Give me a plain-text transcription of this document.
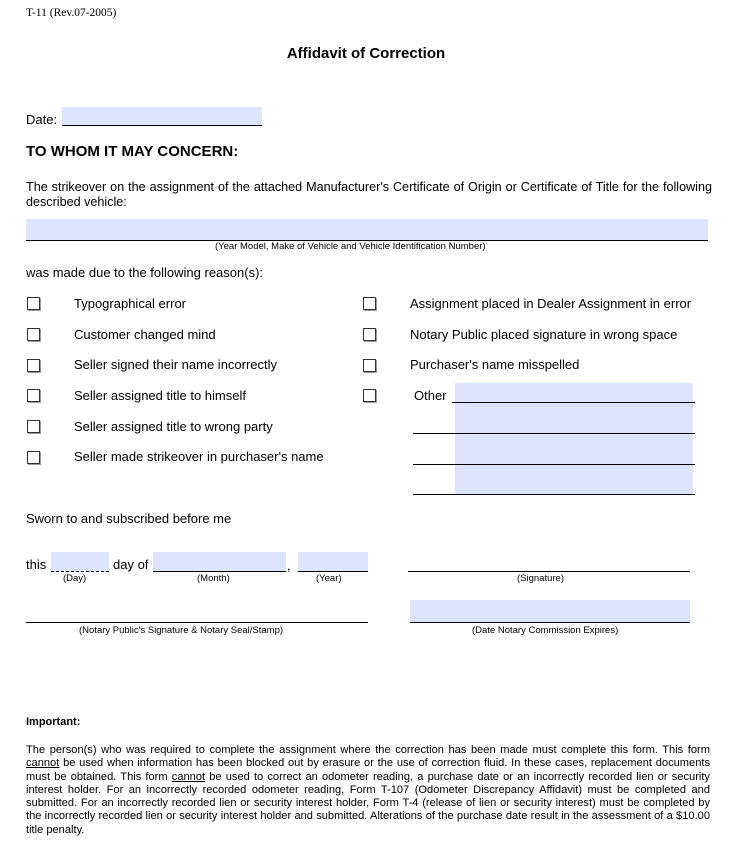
T-11 (Rev.07-2005)
Affidavit of Correction
Date:
TO WHOM IT MAY CONCERN:
The strikeover on the assignment of the attached Manufacturer's Certificate of Origin or Certificate of Title for the following described vehicle:
(Year Model, Make of Vehicle and Vehicle Identification Number)
was made due to the following reason(s):
Typographical error
Customer changed mind
Seller signed their name incorrectly
Seller assigned title to himself
Seller assigned title to wrong party
Seller made strikeover in purchaser's name
Assignment placed in Dealer Assignment in error
Notary Public placed signature in wrong space
Purchaser's name misspelled
Other
Sworn to and subscribed before me
this	day of	,
(Day)	(Month)	(Year)	(Signature)
(Notary Public's Signature & Notary Seal/Stamp)	(Date Notary Commission Expires)
Important:
The person(s) who was required to complete the assignment where the correction has been made must complete this form. This form cannot be used when information has been blocked out by erasure or the use of correction fluid. In these cases, replacement documents must be obtained. This form cannot be used to correct an odometer reading, a purchase date or an incorrectly recorded lien or security interest holder. For an incorrectly recorded odometer reading, Form T-107 (Odometer Discrepancy Affidavit) must be completed and submitted. For an incorrectly recorded lien or security interest holder, Form T-4 (release of lien or security interest) must be completed by the incorrectly recorded lien or security interest holder and submitted. Alterations of the purchase date result in the assessment of a $10.00 title penalty.
